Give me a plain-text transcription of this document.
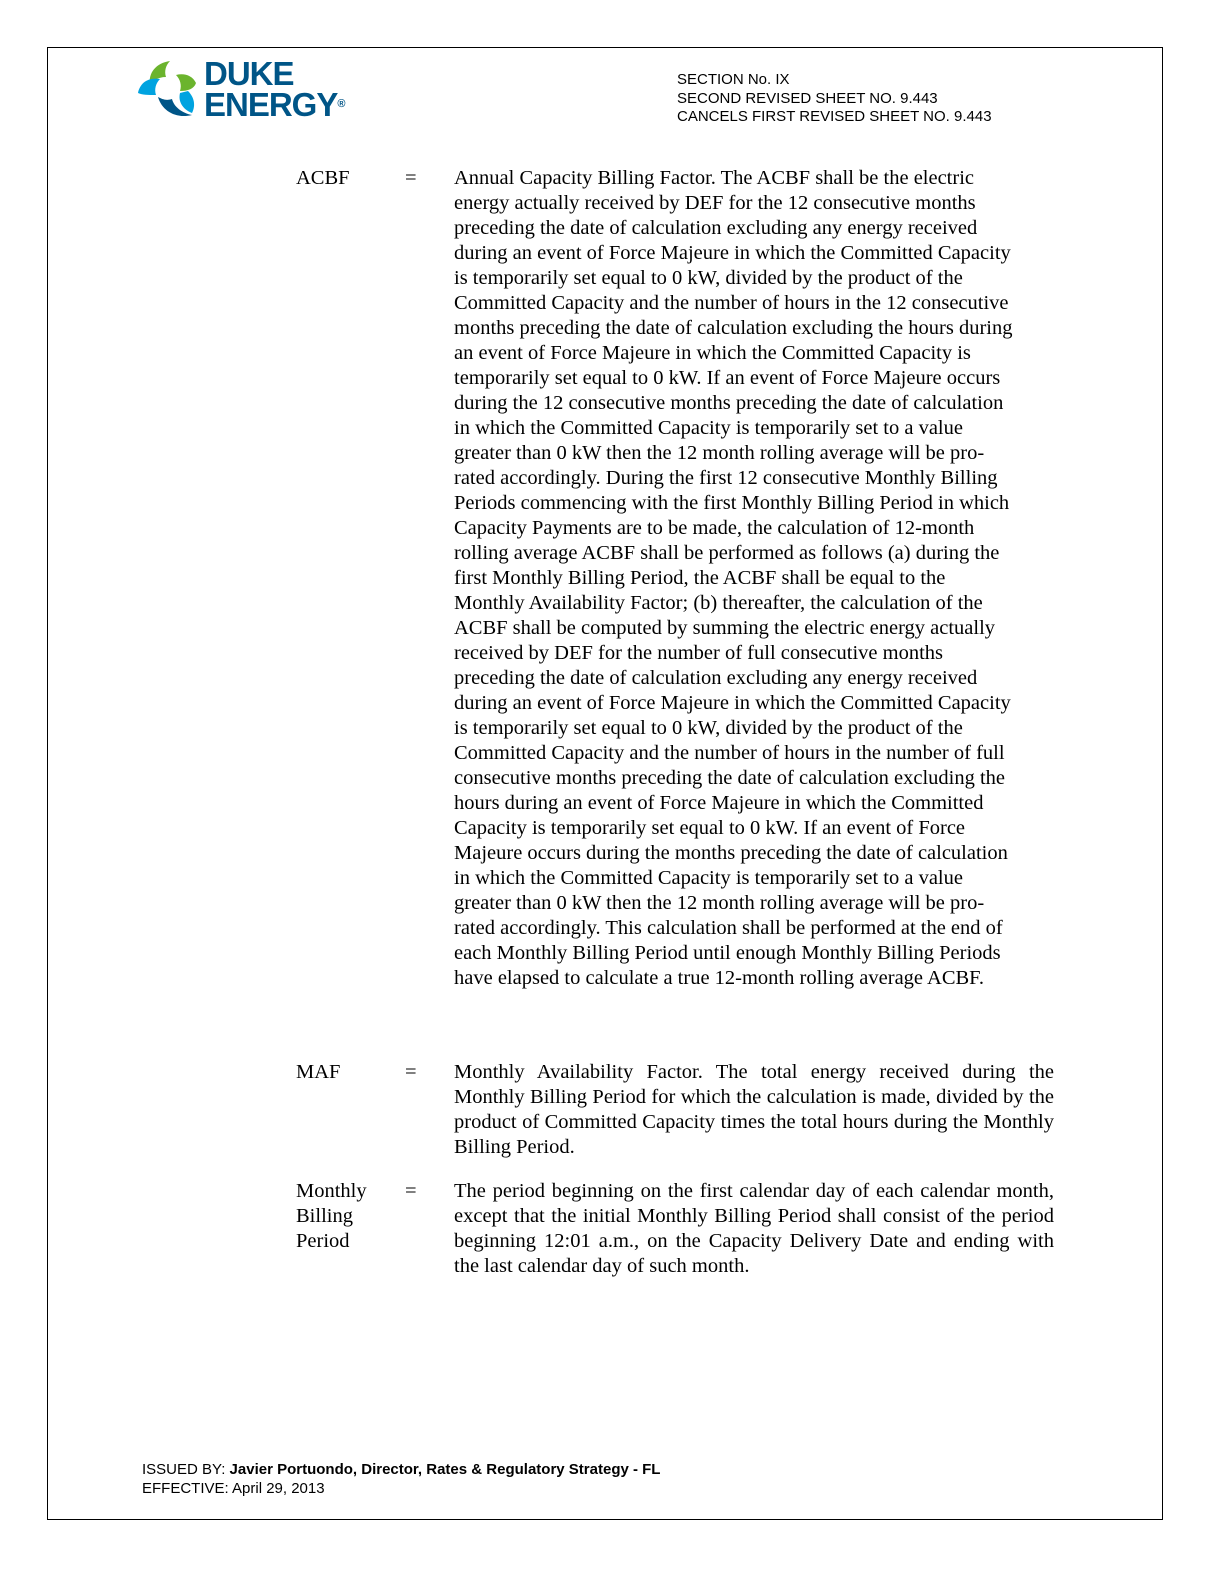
DUKE
ENERGY®
SECTION No. IX
SECOND REVISED SHEET NO. 9.443
CANCELS FIRST REVISED SHEET NO. 9.443
ACBF	= Annual Capacity Billing Factor. The ACBF shall be the electric
energy actually received by DEF for the 12 consecutive months
preceding the date of calculation excluding any energy received
during an event of Force Majeure in which the Committed Capacity
is temporarily set equal to 0 kW, divided by the product of the
Committed Capacity and the number of hours in the 12 consecutive
months preceding the date of calculation excluding the hours during
an event of Force Majeure in which the Committed Capacity is
temporarily set equal to 0 kW. If an event of Force Majeure occurs
during the 12 consecutive months preceding the date of calculation
in which the Committed Capacity is temporarily set to a value
greater than 0 kW then the 12 month rolling average will be pro-
rated accordingly. During the first 12 consecutive Monthly Billing
Periods commencing with the first Monthly Billing Period in which
Capacity Payments are to be made, the calculation of 12-month
rolling average ACBF shall be performed as follows (a) during the
first Monthly Billing Period, the ACBF shall be equal to the
Monthly Availability Factor; (b) thereafter, the calculation of the
ACBF shall be computed by summing the electric energy actually
received by DEF for the number of full consecutive months
preceding the date of calculation excluding any energy received
during an event of Force Majeure in which the Committed Capacity
is temporarily set equal to 0 kW, divided by the product of the
Committed Capacity and the number of hours in the number of full
consecutive months preceding the date of calculation excluding the
hours during an event of Force Majeure in which the Committed
Capacity is temporarily set equal to 0 kW. If an event of Force
Majeure occurs during the months preceding the date of calculation
in which the Committed Capacity is temporarily set to a value
greater than 0 kW then the 12 month rolling average will be pro-
rated accordingly. This calculation shall be performed at the end of
each Monthly Billing Period until enough Monthly Billing Periods
have elapsed to calculate a true 12-month rolling average ACBF.
MAF	= Monthly Availability Factor. The total energy received during the Monthly Billing Period for which the calculation is made, divided by the product of Committed Capacity times the total hours during the Monthly Billing Period.
Monthly
Billing
Period
= The period beginning on the first calendar day of each calendar month, except that the initial Monthly Billing Period shall consist of the period beginning 12:01 a.m., on the Capacity Delivery Date and ending with the last calendar day of such month.
ISSUED BY: Javier Portuondo, Director, Rates & Regulatory Strategy - FL
EFFECTIVE: April 29, 2013
